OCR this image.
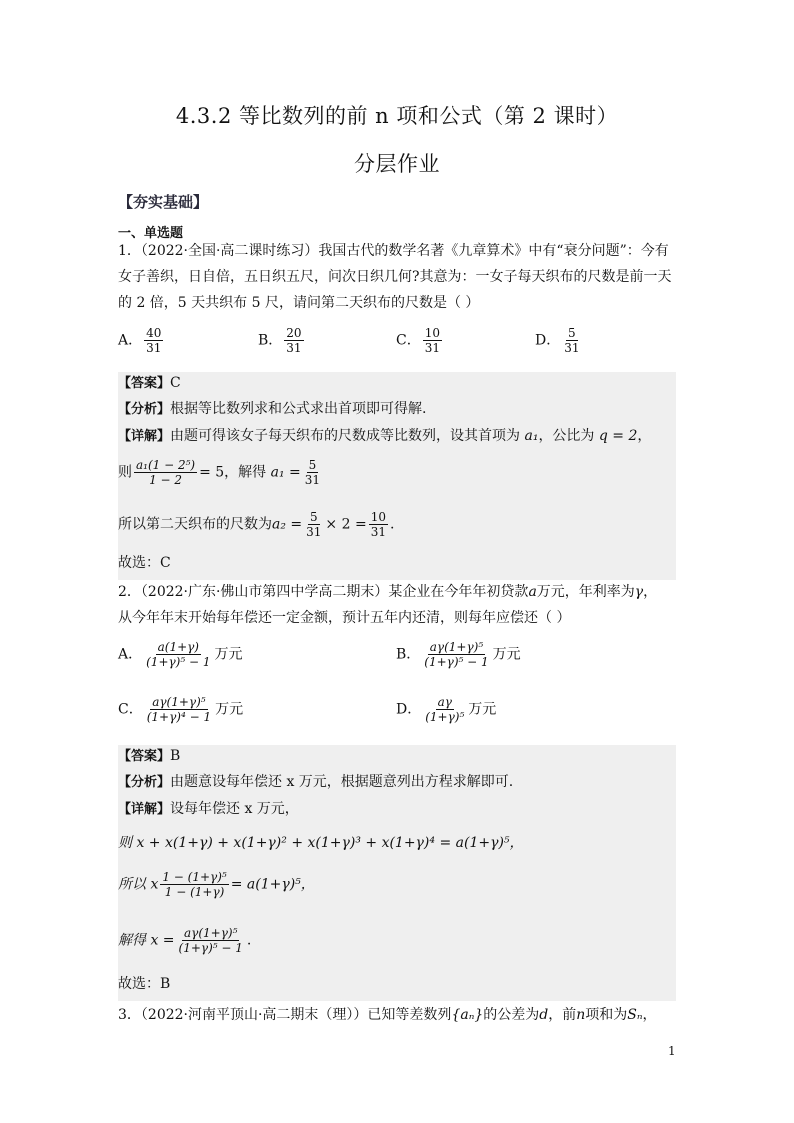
4.3.2 等比数列的前 n 项和公式（第 2 课时）
分层作业
【夯实基础】
一、单选题
1．（2022·全国·高二课时练习）我国古代的数学名著《九章算术》中有“衰分问题”：今有
女子善织，日自倍，五日织五尺，问次日织几何?其意为：一女子每天织布的尺数是前一天
的 2 倍，5 天共织布 5 尺，请问第二天织布的尺数是（ ）
A． $\frac{40}{31}$	B． $\frac{20}{31}$	C． $\frac{10}{31}$	D． $\frac{5}{31}$
【答案】C
【分析】根据等比数列求和公式求出首项即可得解.
【详解】由题可得该女子每天织布的尺数成等比数列，设其首项为 a₁，公比为 q = 2，
则 $\frac{\text{a₁(1 − 2⁵)}}{1 - 2} = 5$，解得 $a_1 = \frac{5}{31}$
所以第二天织布的尺数为$a_2 = \frac{5}{31} \times 2 = \frac{10}{31}$ .
故选：C
2．（2022·广东·佛山市第四中学高二期末）某企业在今年年初贷款a万元，年利率为γ，
从今年年末开始每年偿还一定金额，预计五年内还清，则每年应偿还（ ）
A． $\frac{a(1+\gamma)}{\text{(1+γ)⁵ − 1}}$ 万元	B． $\frac{\text{aγ(1+γ)⁵}}{\text{(1+γ)⁵ − 1}}$ 万元
C． $\frac{\text{aγ(1+γ)⁵}}{\text{(1+γ)⁴ − 1}}$ 万元	D． $\frac{a\gamma}{\text{(1+γ)⁵}}$ 万元
【答案】B
【分析】由题意设每年偿还 x 万元，根据题意列出方程求解即可.
【详解】设每年偿还 x 万元，
则 x + x(1+γ) + x(1+γ)² + x(1+γ)³ + x(1+γ)⁴ = a(1+γ)⁵，
所以 x $\frac{\text{1 − (1+γ)⁵}}{1 - (1+\gamma)} = a(1+\gamma)^5$，
解得 $x = \frac{\text{aγ(1+γ)⁵}}{\text{(1+γ)⁵ − 1}}$ .
故选：B
3．（2022·河南平顶山·高二期末（理））已知等差数列{aₙ}的公差为d，前n项和为Sₙ，
1
